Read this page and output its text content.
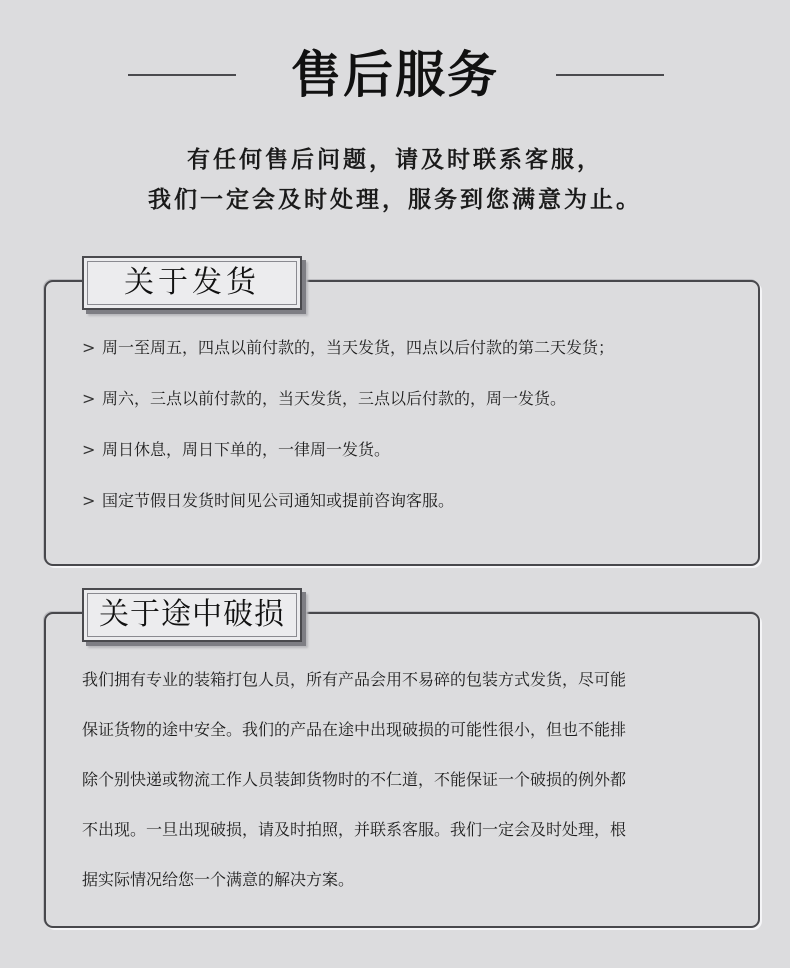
售后服务
有任何售后问题，请及时联系客服，
我们一定会及时处理，服务到您满意为止。
关于发货
> 周一至周五，四点以前付款的，当天发货，四点以后付款的第二天发货；
> 周六，三点以前付款的，当天发货，三点以后付款的，周一发货。
> 周日休息，周日下单的，一律周一发货。
> 国定节假日发货时间见公司通知或提前咨询客服。
关于途中破损
我们拥有专业的装箱打包人员，所有产品会用不易碎的包装方式发货，尽可能
保证货物的途中安全。我们的产品在途中出现破损的可能性很小，但也不能排
除个别快递或物流工作人员装卸货物时的不仁道，不能保证一个破损的例外都
不出现。一旦出现破损，请及时拍照，并联系客服。我们一定会及时处理，根
据实际情况给您一个满意的解决方案。
